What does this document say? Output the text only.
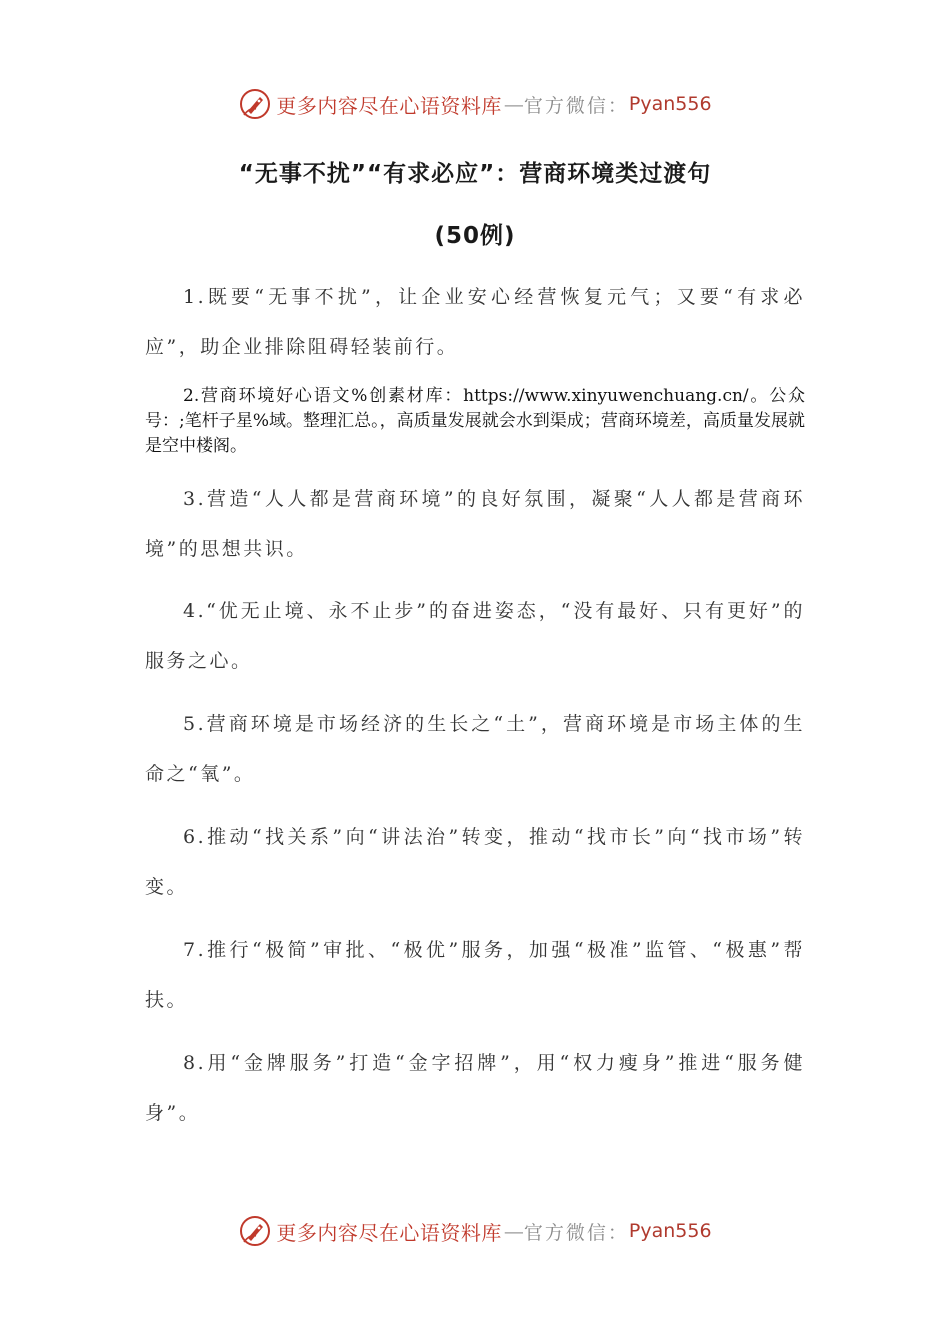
更多内容尽在心语资料库 — 官方微信： Pyan556
“无事不扰”“有求必应”：营商环境类过渡句
(50例)

1.既要“无事不扰”，让企业安心经营恢复元气；又要“有求必应”，助企业排除阻碍轻装前行。

2.营商环境好心语文%创素材库：https://www.xinyuwenchuang.cn/。公众号：;笔杆子星%域。整理汇总。，高质量发展就会水到渠成；营商环境差，高质量发展就是空中楼阁。

3.营造“人人都是营商环境”的良好氛围，凝聚“人人都是营商环境”的思想共识。

4.“优无止境、永不止步”的奋进姿态，“没有最好、只有更好”的服务之心。

5.营商环境是市场经济的生长之“土”，营商环境是市场主体的生命之“氧”。

6.推动“找关系”向“讲法治”转变，推动“找市长”向“找市场”转变。

7.推行“极简”审批、“极优”服务，加强“极准”监管、“极惠”帮扶。

8.用“金牌服务”打造“金字招牌”，用“权力瘦身”推进“服务健身”。

更多内容尽在心语资料库 — 官方微信： Pyan556
